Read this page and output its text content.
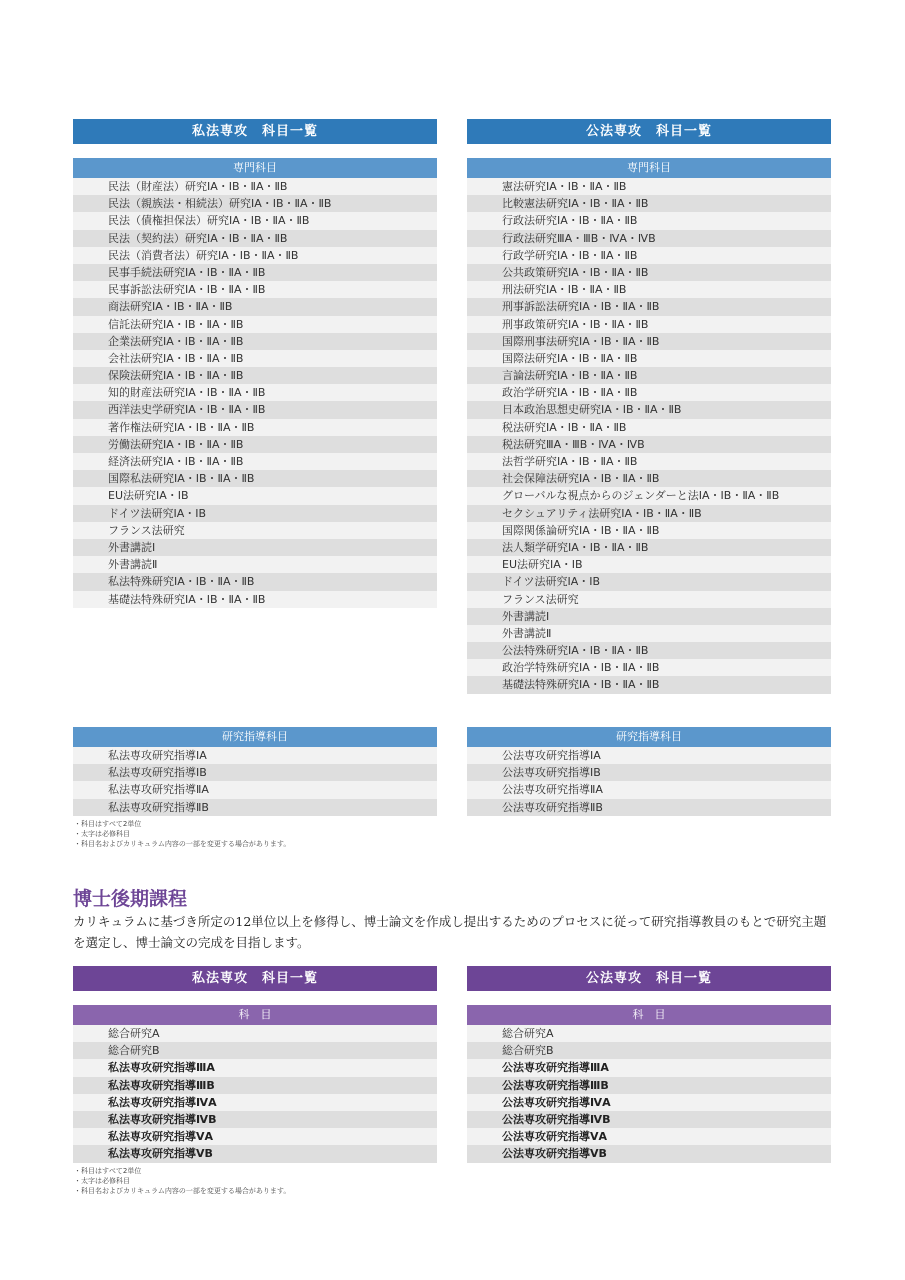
私法専攻　科目一覧
専門科目
民法（財産法）研究ⅠA・ⅠB・ⅡA・ⅡB
民法（親族法・相続法）研究ⅠA・ⅠB・ⅡA・ⅡB
民法（債権担保法）研究ⅠA・ⅠB・ⅡA・ⅡB
民法（契約法）研究ⅠA・ⅠB・ⅡA・ⅡB
民法（消費者法）研究ⅠA・ⅠB・ⅡA・ⅡB
民事手続法研究ⅠA・ⅠB・ⅡA・ⅡB
民事訴訟法研究ⅠA・ⅠB・ⅡA・ⅡB
商法研究ⅠA・ⅠB・ⅡA・ⅡB
信託法研究ⅠA・ⅠB・ⅡA・ⅡB
企業法研究ⅠA・ⅠB・ⅡA・ⅡB
会社法研究ⅠA・ⅠB・ⅡA・ⅡB
保険法研究ⅠA・ⅠB・ⅡA・ⅡB
知的財産法研究ⅠA・ⅠB・ⅡA・ⅡB
西洋法史学研究ⅠA・ⅠB・ⅡA・ⅡB
著作権法研究ⅠA・ⅠB・ⅡA・ⅡB
労働法研究ⅠA・ⅠB・ⅡA・ⅡB
経済法研究ⅠA・ⅠB・ⅡA・ⅡB
国際私法研究ⅠA・ⅠB・ⅡA・ⅡB
EU法研究ⅠA・ⅠB
ドイツ法研究ⅠA・ⅠB
フランス法研究
外書講読Ⅰ
外書講読Ⅱ
私法特殊研究ⅠA・ⅠB・ⅡA・ⅡB
基礎法特殊研究ⅠA・ⅠB・ⅡA・ⅡB
公法専攻　科目一覧
専門科目
憲法研究ⅠA・ⅠB・ⅡA・ⅡB
比較憲法研究ⅠA・ⅠB・ⅡA・ⅡB
行政法研究ⅠA・ⅠB・ⅡA・ⅡB
行政法研究ⅢA・ⅢB・ⅣA・ⅣB
行政学研究ⅠA・ⅠB・ⅡA・ⅡB
公共政策研究ⅠA・ⅠB・ⅡA・ⅡB
刑法研究ⅠA・ⅠB・ⅡA・ⅡB
刑事訴訟法研究ⅠA・ⅠB・ⅡA・ⅡB
刑事政策研究ⅠA・ⅠB・ⅡA・ⅡB
国際刑事法研究ⅠA・ⅠB・ⅡA・ⅡB
国際法研究ⅠA・ⅠB・ⅡA・ⅡB
言論法研究ⅠA・ⅠB・ⅡA・ⅡB
政治学研究ⅠA・ⅠB・ⅡA・ⅡB
日本政治思想史研究ⅠA・ⅠB・ⅡA・ⅡB
税法研究ⅠA・ⅠB・ⅡA・ⅡB
税法研究ⅢA・ⅢB・ⅣA・ⅣB
法哲学研究ⅠA・ⅠB・ⅡA・ⅡB
社会保障法研究ⅠA・ⅠB・ⅡA・ⅡB
グローバルな視点からのジェンダーと法ⅠA・ⅠB・ⅡA・ⅡB
セクシュアリティ法研究ⅠA・ⅠB・ⅡA・ⅡB
国際関係論研究ⅠA・ⅠB・ⅡA・ⅡB
法人類学研究ⅠA・ⅠB・ⅡA・ⅡB
EU法研究ⅠA・ⅠB
ドイツ法研究ⅠA・ⅠB
フランス法研究
外書講読Ⅰ
外書講読Ⅱ
公法特殊研究ⅠA・ⅠB・ⅡA・ⅡB
政治学特殊研究ⅠA・ⅠB・ⅡA・ⅡB
基礎法特殊研究ⅠA・ⅠB・ⅡA・ⅡB
研究指導科目
私法専攻研究指導ⅠA
私法専攻研究指導ⅠB
私法専攻研究指導ⅡA
私法専攻研究指導ⅡB
研究指導科目
公法専攻研究指導ⅠA
公法専攻研究指導ⅠB
公法専攻研究指導ⅡA
公法専攻研究指導ⅡB
・科目はすべて2単位
・太字は必修科目
・科目名およびカリキュラム内容の一部を変更する場合があります。
博士後期課程
カリキュラムに基づき所定の12単位以上を修得し、博士論文を作成し提出するためのプロセスに従って研究指導教員のもとで研究主題を選定し、博士論文の完成を目指します。
私法専攻　科目一覧
科　目
総合研究A
総合研究B
私法専攻研究指導ⅢA
私法専攻研究指導ⅢB
私法専攻研究指導ⅣA
私法専攻研究指導ⅣB
私法専攻研究指導ⅤA
私法専攻研究指導ⅤB
公法専攻　科目一覧
科　目
総合研究A
総合研究B
公法専攻研究指導ⅢA
公法専攻研究指導ⅢB
公法専攻研究指導ⅣA
公法専攻研究指導ⅣB
公法専攻研究指導ⅤA
公法専攻研究指導ⅤB
・科目はすべて2単位
・太字は必修科目
・科目名およびカリキュラム内容の一部を変更する場合があります。
